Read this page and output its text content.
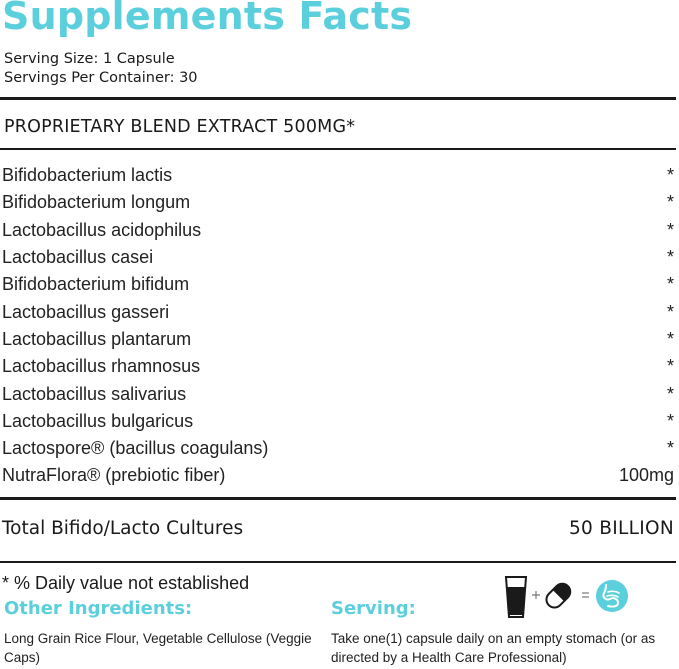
Supplements Facts
Serving Size: 1 Capsule
Servings Per Container: 30
PROPRIETARY BLEND EXTRACT 500MG*
Bifidobacterium lactis	*
Bifidobacterium longum	*
Lactobacillus acidophilus	*
Lactobacillus casei	*
Bifidobacterium bifidum	*
Lactobacillus gasseri	*
Lactobacillus plantarum	*
Lactobacillus rhamnosus	*
Lactobacillus salivarius	*
Lactobacillus bulgaricus	*
Lactospore® (bacillus coagulans)	*
NutraFlora® (prebiotic fiber)	100mg
Total Bifido/Lacto Cultures	50 BILLION
* % Daily value not established
Other Ingredients:	Serving:
Long Grain Rice Flour, Vegetable Cellulose (Veggie Caps)
Take one(1) capsule daily on an empty stomach (or as directed by a Health Care Professional)
